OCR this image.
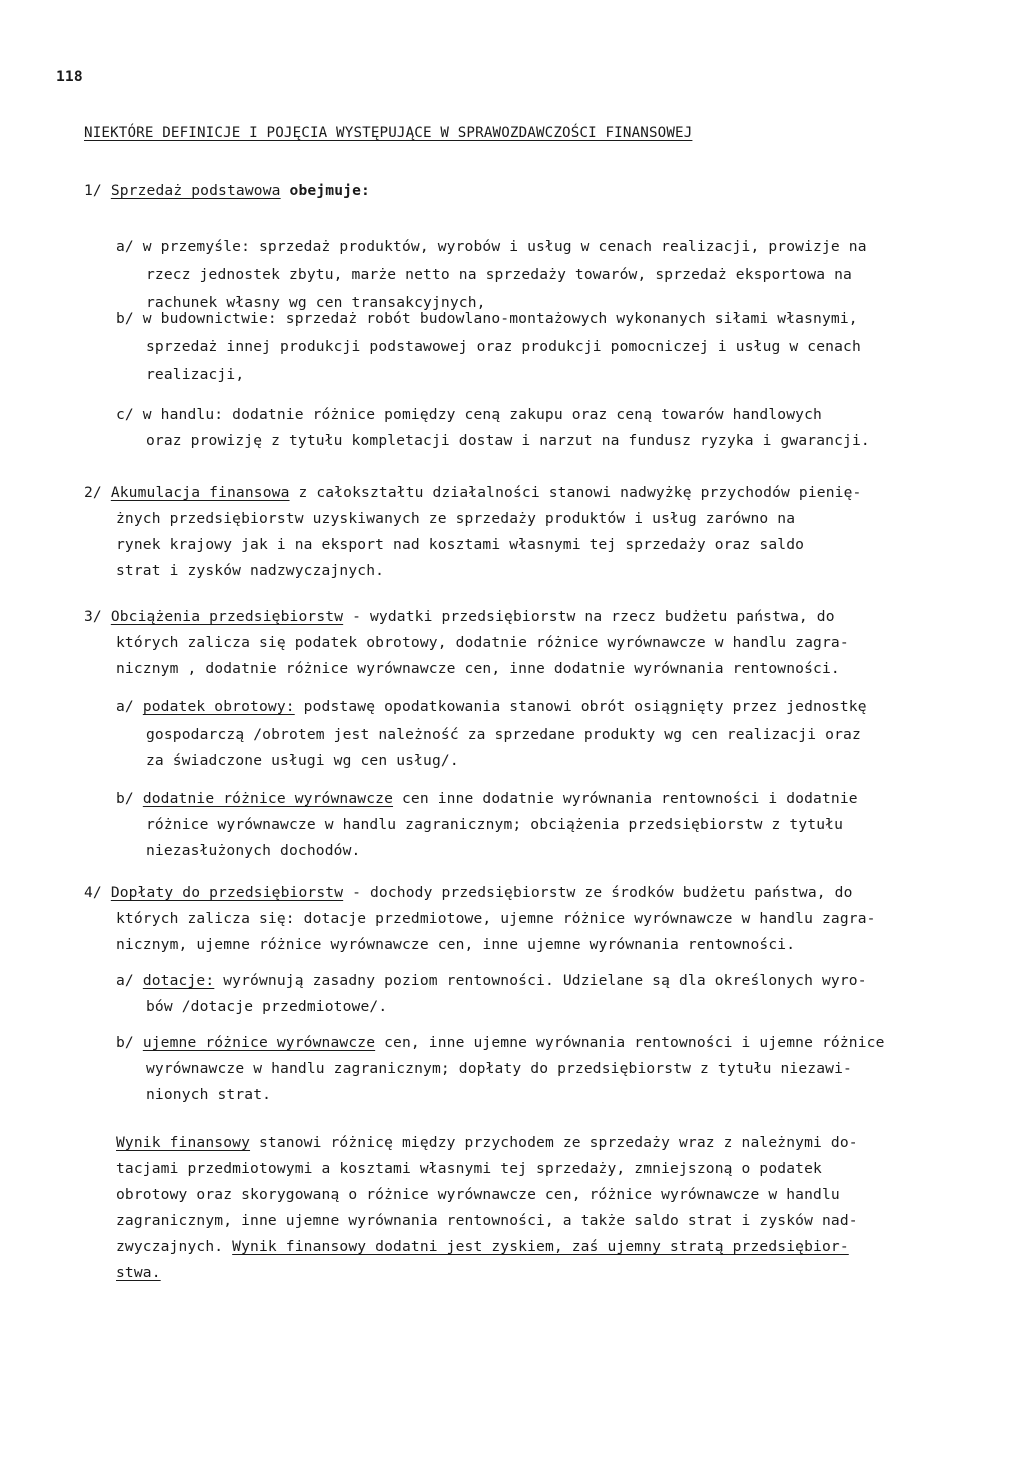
118
NIEKTÓRE DEFINICJE I POJĘCIA WYSTĘPUJĄCE W SPRAWOZDAWCZOŚCI FINANSOWEJ
1/ Sprzedaż podstawowa obejmuje:
a/ w przemyśle: sprzedaż produktów, wyrobów i usług w cenach realizacji, prowizje na
rzecz jednostek zbytu, marże netto na sprzedaży towarów, sprzedaż eksportowa na
rachunek własny wg cen transakcyjnych,
b/ w budownictwie: sprzedaż robót budowlano-montażowych wykonanych siłami własnymi,
sprzedaż innej produkcji podstawowej oraz produkcji pomocniczej i usług w cenach
realizacji,
c/ w handlu: dodatnie różnice pomiędzy ceną zakupu oraz ceną towarów handlowych
oraz prowizję z tytułu kompletacji dostaw i narzut na fundusz ryzyka i gwarancji.
2/ Akumulacja finansowa z całokształtu działalności stanowi nadwyżkę przychodów pienię-
żnych przedsiębiorstw uzyskiwanych ze sprzedaży produktów i usług zarówno na
rynek krajowy jak i na eksport nad kosztami własnymi tej sprzedaży oraz saldo
strat i zysków nadzwyczajnych.
3/ Obciążenia przedsiębiorstw - wydatki przedsiębiorstw na rzecz budżetu państwa, do
których zalicza się podatek obrotowy, dodatnie różnice wyrównawcze w handlu zagra-
nicznym , dodatnie różnice wyrównawcze cen, inne dodatnie wyrównania rentowności.
a/ podatek obrotowy: podstawę opodatkowania stanowi obrót osiągnięty przez jednostkę
gospodarczą /obrotem jest należność za sprzedane produkty wg cen realizacji oraz
za świadczone usługi wg cen usług/.
b/ dodatnie różnice wyrównawcze cen inne dodatnie wyrównania rentowności i dodatnie
różnice wyrównawcze w handlu zagranicznym; obciążenia przedsiębiorstw z tytułu
niezasłużonych dochodów.
4/ Dopłaty do przedsiębiorstw - dochody przedsiębiorstw ze środków budżetu państwa, do
których zalicza się: dotacje przedmiotowe, ujemne różnice wyrównawcze w handlu zagra-
nicznym, ujemne różnice wyrównawcze cen, inne ujemne wyrównania rentowności.
a/ dotacje: wyrównują zasadny poziom rentowności. Udzielane są dla określonych wyro-
bów /dotacje przedmiotowe/.
b/ ujemne różnice wyrównawcze cen, inne ujemne wyrównania rentowności i ujemne różnice
wyrównawcze w handlu zagranicznym; dopłaty do przedsiębiorstw z tytułu niezawi-
nionych strat.
Wynik finansowy stanowi różnicę między przychodem ze sprzedaży wraz z należnymi do-
tacjami przedmiotowymi a kosztami własnymi tej sprzedaży, zmniejszoną o podatek
obrotowy oraz skorygowaną o różnice wyrównawcze cen, różnice wyrównawcze w handlu
zagranicznym, inne ujemne wyrównania rentowności, a także saldo strat i zysków nad-
zwyczajnych. Wynik finansowy dodatni jest zyskiem, zaś ujemny stratą przedsiębior-
stwa.
